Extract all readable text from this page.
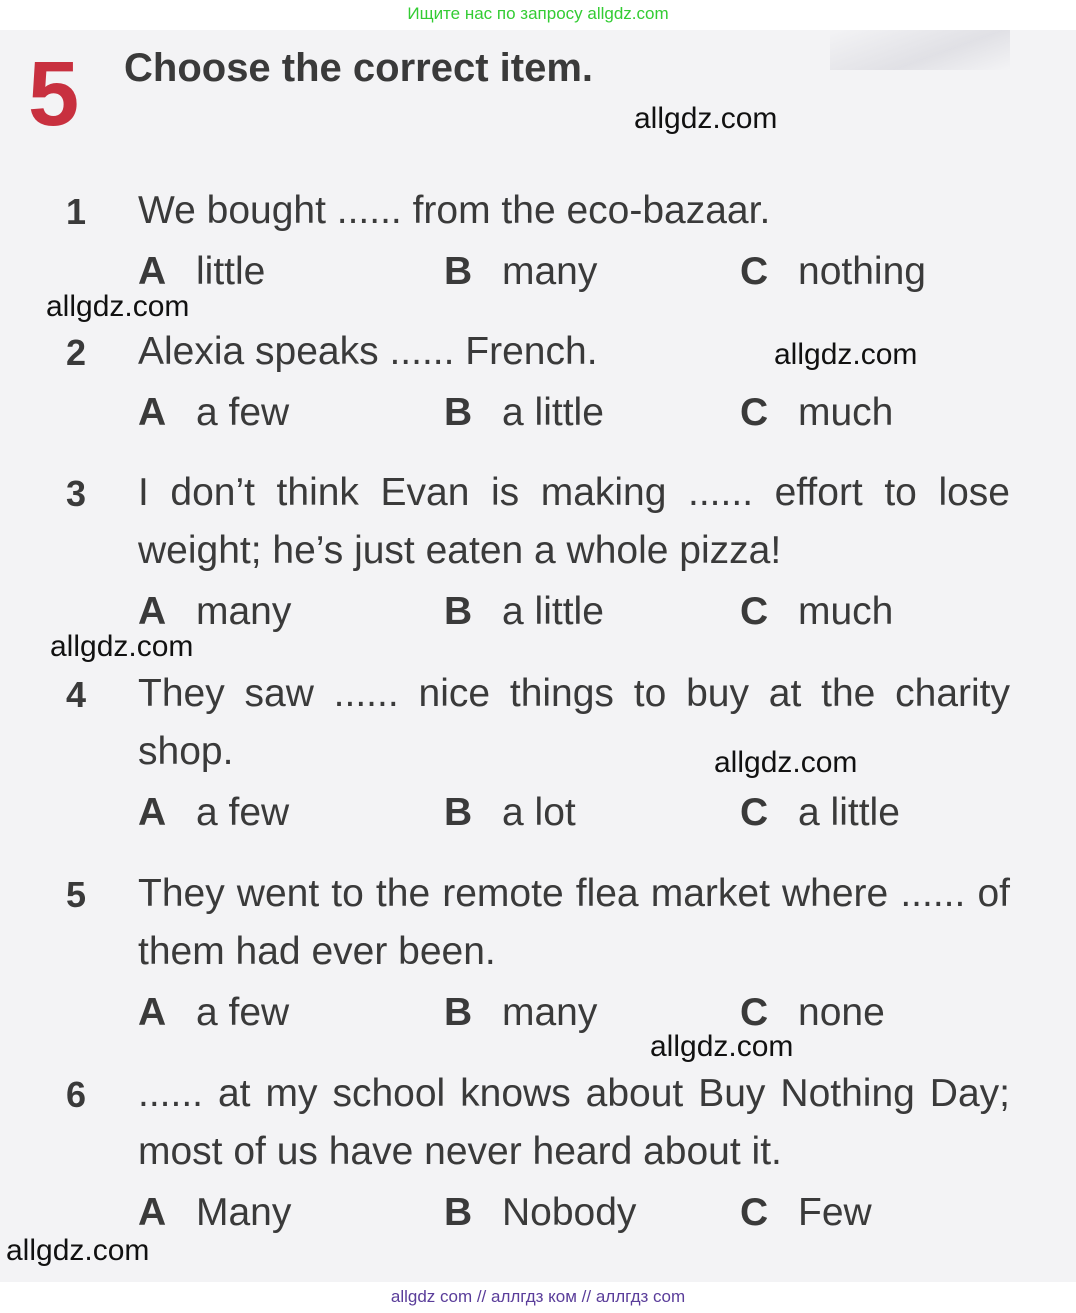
Ищите нас по запросу allgdz.com
5 Choose the correct item.
1 We bought ...... from the eco-bazaar.
A little	B many	C nothing
2 Alexia speaks ...... French.
A a few	B a little	C much
3 I don’t think Evan is making ...... effort to lose weight; he’s just eaten a whole pizza!
A many	B a little	C much
4 They saw ...... nice things to buy at the charity shop.
A a few	B a lot	C a little
5 They went to the remote flea market where ...... of them had ever been.
A a few	B many	C none
6 ...... at my school knows about Buy Nothing Day; most of us have never heard about it.
A Many	B Nobody	C Few
allgdz.com
allgdz.com
allgdz.com
allgdz.com
allgdz.com
allgdz.com
allgdz.com
allgdz com // аллгдз ком // аллгдз com
